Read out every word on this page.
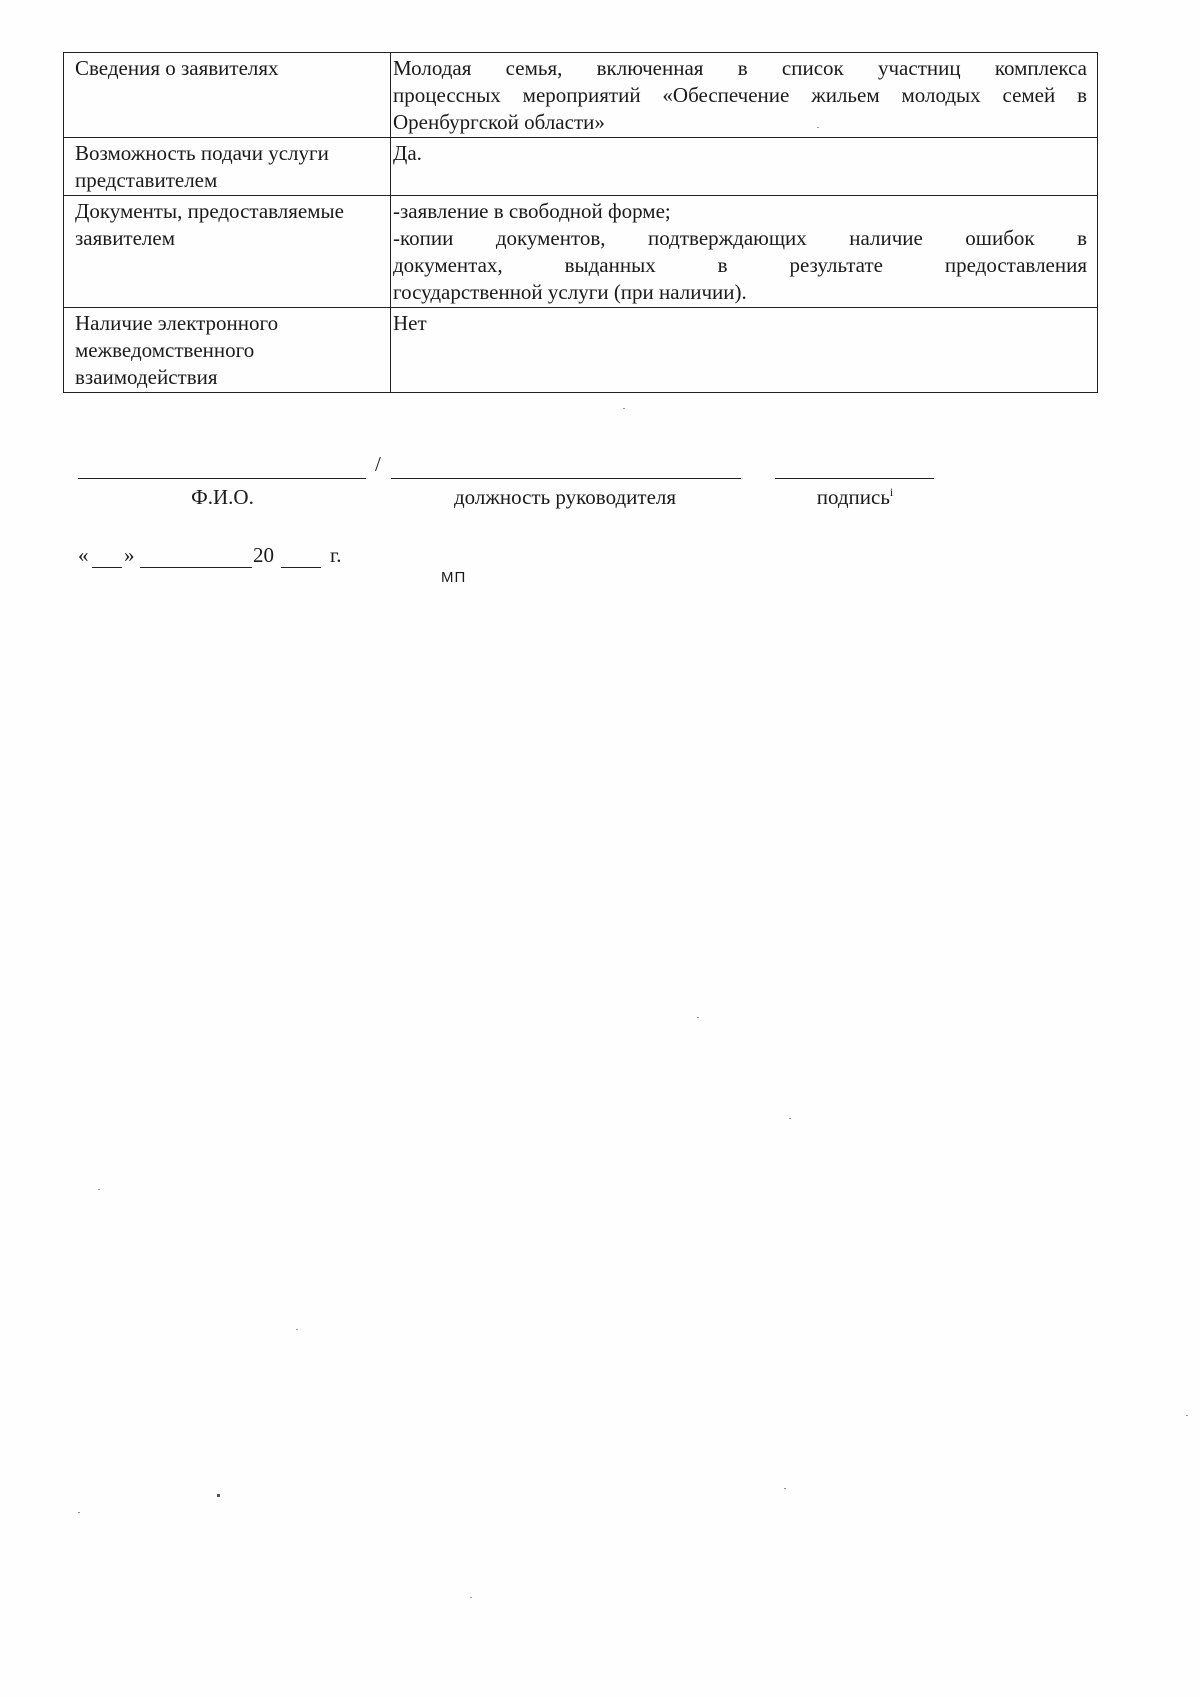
Сведения о заявителях	Молодая семья, включенная в список участниц комплекса
процессных мероприятий «Обеспечение жильем молодых семей в
Оренбургской области»

Возможность подачи услуги представителем	Да.

Документы, предоставляемые заявителем	-заявление в свободной форме;
-копии документов, подтверждающих наличие ошибок в
документах, выданных в результате предоставления
государственной услуги (при наличии).

Наличие электронного межведомственного взаимодействия	Нет
/
Ф.И.О.	должность руководителя	подпись$^i$
« »	20	г.
МП
